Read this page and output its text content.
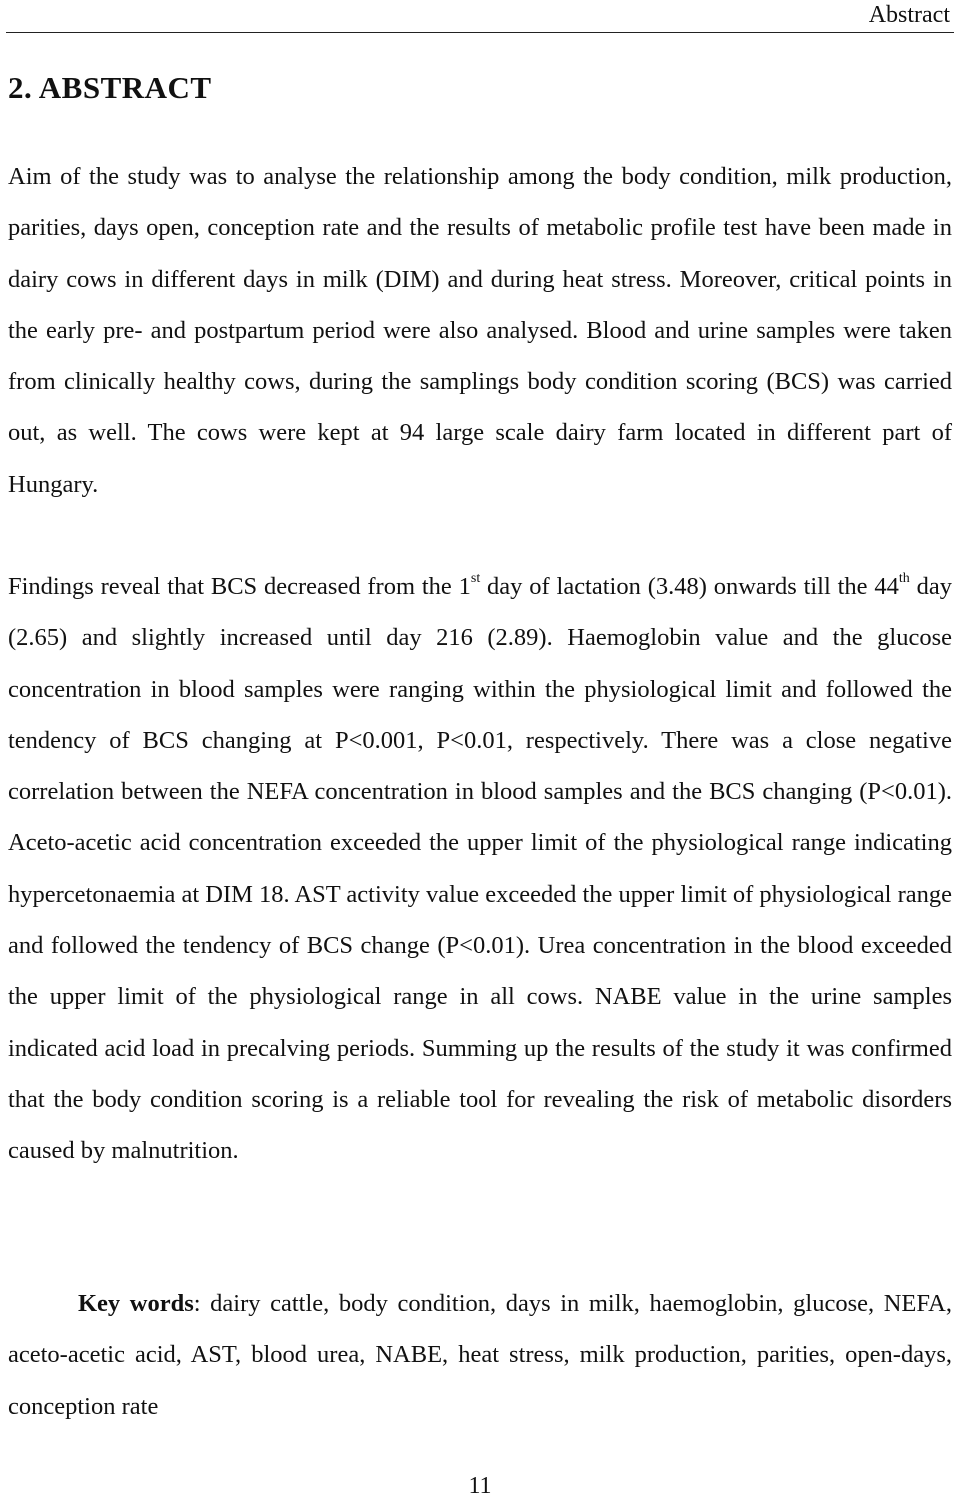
Abstract
2. ABSTRACT

Aim of the study was to analyse the relationship among the body condition, milk production, parities, days open, conception rate and the results of metabolic profile test have been made in dairy cows in different days in milk (DIM) and during heat stress. Moreover, critical points in the early pre- and postpartum period were also analysed. Blood and urine samples were taken from clinically healthy cows, during the samplings body condition scoring (BCS) was carried out, as well. The cows were kept at 94 large scale dairy farm located in different part of Hungary.

Findings reveal that BCS decreased from the 1st day of lactation (3.48) onwards till the 44th day (2.65) and slightly increased until day 216 (2.89). Haemoglobin value and the glucose concentration in blood samples were ranging within the physiological limit and followed the tendency of BCS changing at P<0.001, P<0.01, respectively. There was a close negative correlation between the NEFA concentration in blood samples and the BCS changing (P<0.01). Aceto-acetic acid concentration exceeded the upper limit of the physiological range indicating hypercetonaemia at DIM 18. AST activity value exceeded the upper limit of physiological range and followed the tendency of BCS change (P<0.01). Urea concentration in the blood exceeded the upper limit of the physiological range in all cows. NABE value in the urine samples indicated acid load in precalving periods. Summing up the results of the study it was confirmed that the body condition scoring is a reliable tool for revealing the risk of metabolic disorders caused by malnutrition.

Key words: dairy cattle, body condition, days in milk, haemoglobin, glucose, NEFA, aceto-acetic acid, AST, blood urea, NABE, heat stress, milk production, parities, open-days, conception rate

11
